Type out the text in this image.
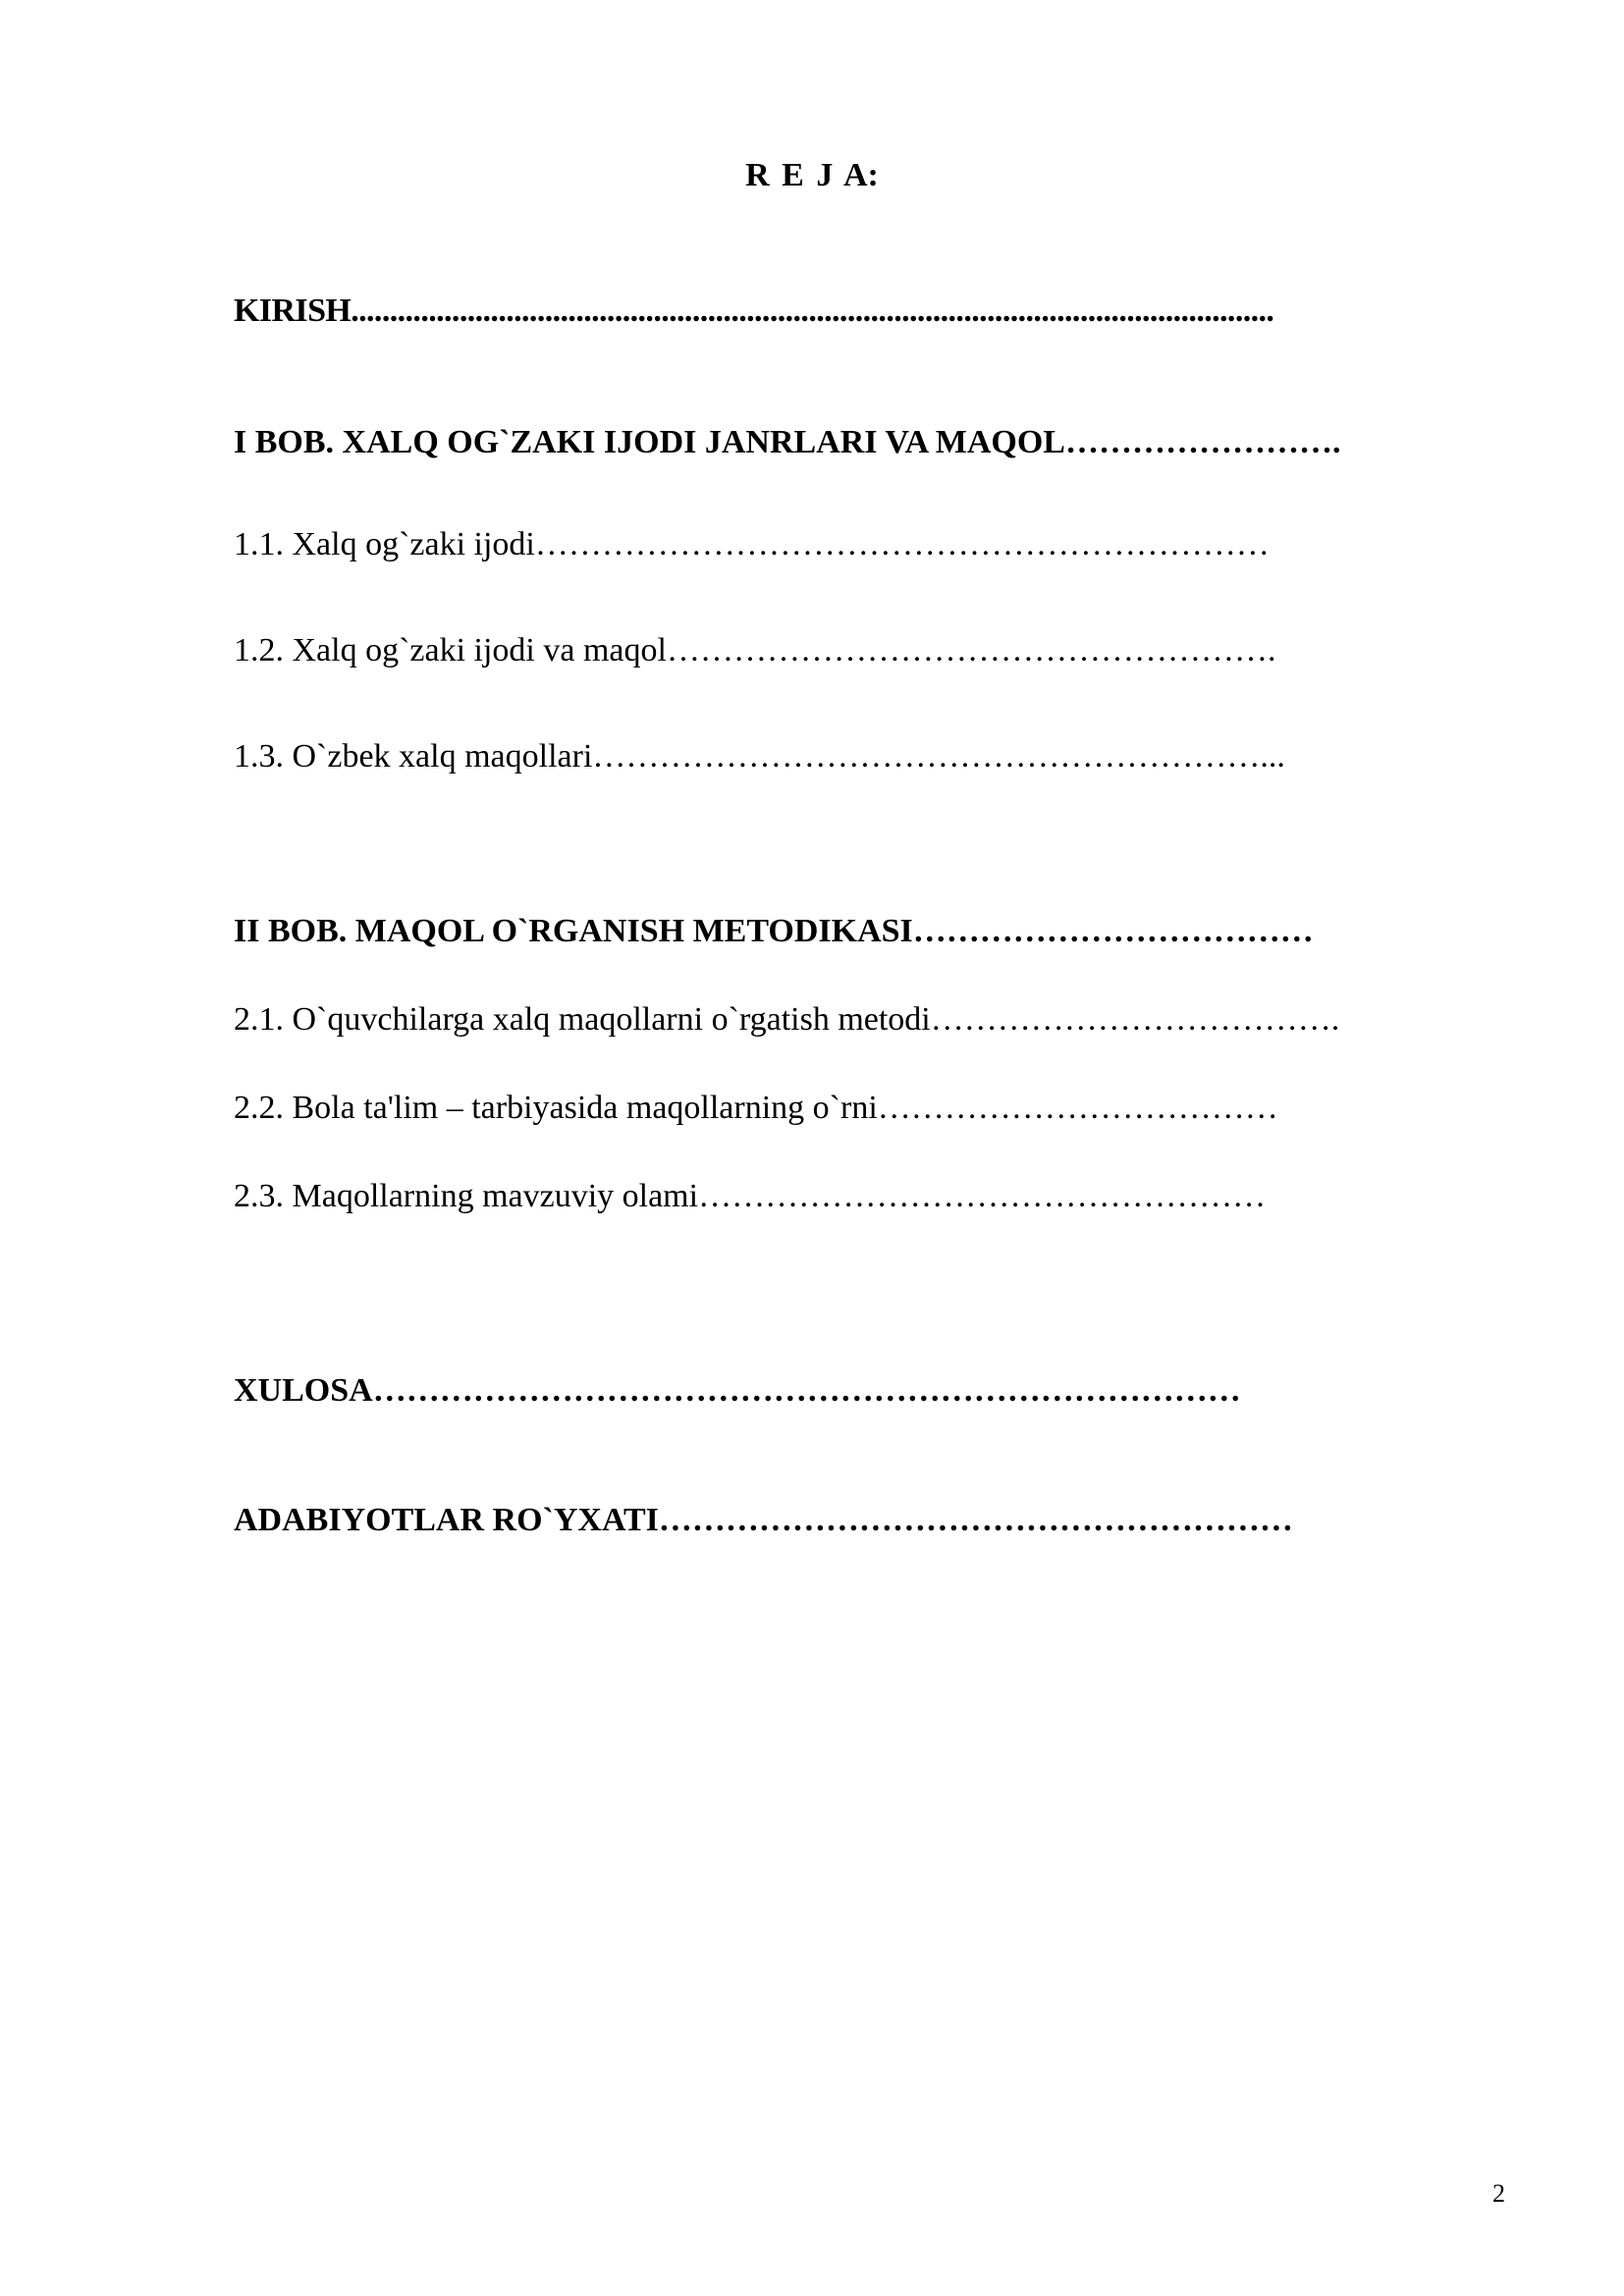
R E J A:
KIRISH.......................................................................................................................
I BOB. XALQ OG`ZAKI IJODI JANRLARI VA MAQOL…………………….
1.1. Xalq og`zaki ijodi…………………………………………………………
1.2. Xalq og`zaki ijodi va maqol……………………………………………….
1.3. O`zbek xalq maqollari……………………………………………………...
II BOB. MAQOL O`RGANISH METODIKASI………………………………
2.1. O`quvchilarga xalq maqollarni o`rgatish metodi……………………………….
2.2. Bola ta'lim – tarbiyasida maqollarning o`rni………………………………
2.3. Maqollarning mavzuviy olami……………………………………………
XULOSA……………………………………………………………………
ADABIYOTLAR RO`YXATI…………………………………………………
2
